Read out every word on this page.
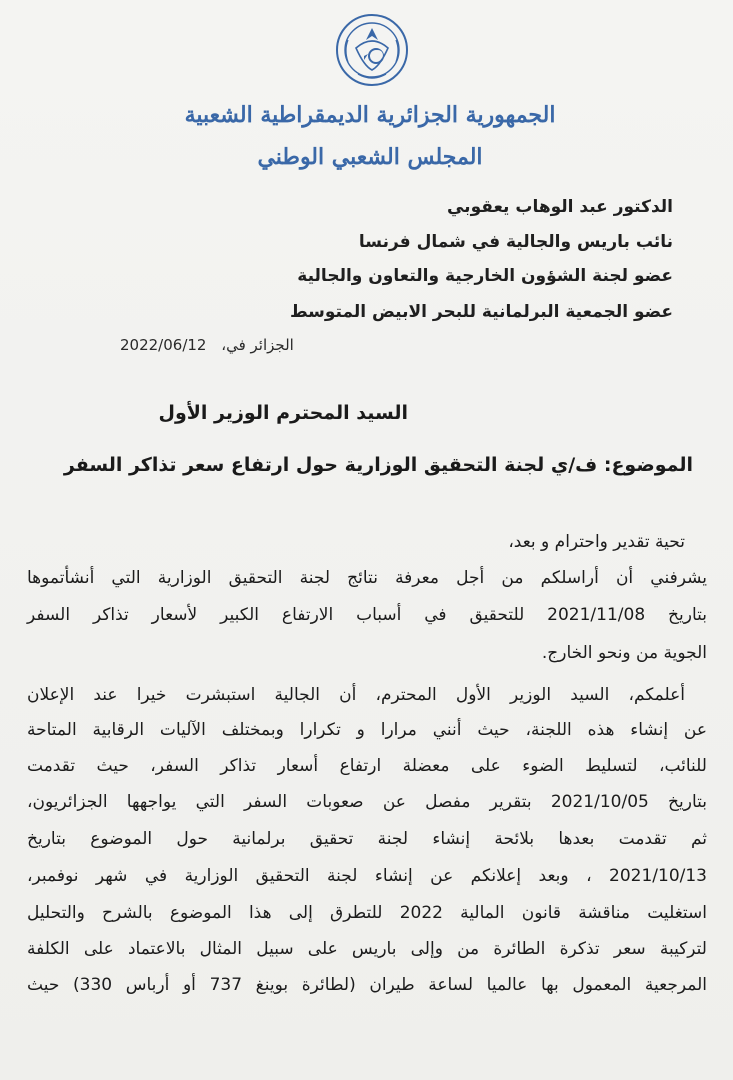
الجمهورية الجزائرية الديمقراطية الشعبية
المجلس الشعبي الوطني
الدكتور عبد الوهاب يعقوبي
نائب باريس والجالية في شمال فرنسا
عضو لجنة الشؤون الخارجية والتعاون والجالية
عضو الجمعية البرلمانية للبحر الابيض المتوسط
الجزائر في، 2022/06/12
السيد المحترم الوزير الأول
الموضوع: ف/ي لجنة التحقيق الوزارية حول ارتفاع سعر تذاكر السفر
تحية تقدير واحترام و بعد،
يشرفني أن أراسلكم من أجل معرفة نتائج لجنة التحقيق الوزارية التي أنشأتموها
بتاريخ 2021/11/08 للتحقيق في أسباب الارتفاع الكبير لأسعار تذاكر السفر
الجوية من ونحو الخارج.
أعلمكم، السيد الوزير الأول المحترم، أن الجالية استبشرت خيرا عند الإعلان
عن إنشاء هذه اللجنة، حيث أنني مرارا و تكرارا وبمختلف الآليات الرقابية المتاحة
للنائب، لتسليط الضوء على معضلة ارتفاع أسعار تذاكر السفر، حيث تقدمت
بتاريخ 2021/10/05 بتقرير مفصل عن صعوبات السفر التي يواجهها الجزائريون،
ثم تقدمت بعدها بلائحة إنشاء لجنة تحقيق برلمانية حول الموضوع بتاريخ
2021/10/13 ، وبعد إعلانكم عن إنشاء لجنة التحقيق الوزارية في شهر نوفمبر،
استغليت مناقشة قانون المالية 2022 للتطرق إلى هذا الموضوع بالشرح والتحليل
لتركيبة سعر تذكرة الطائرة من وإلى باريس على سبيل المثال بالاعتماد على الكلفة
المرجعية المعمول بها عالميا لساعة طيران (لطائرة بوينغ 737 أو أرباس 330) حيث
